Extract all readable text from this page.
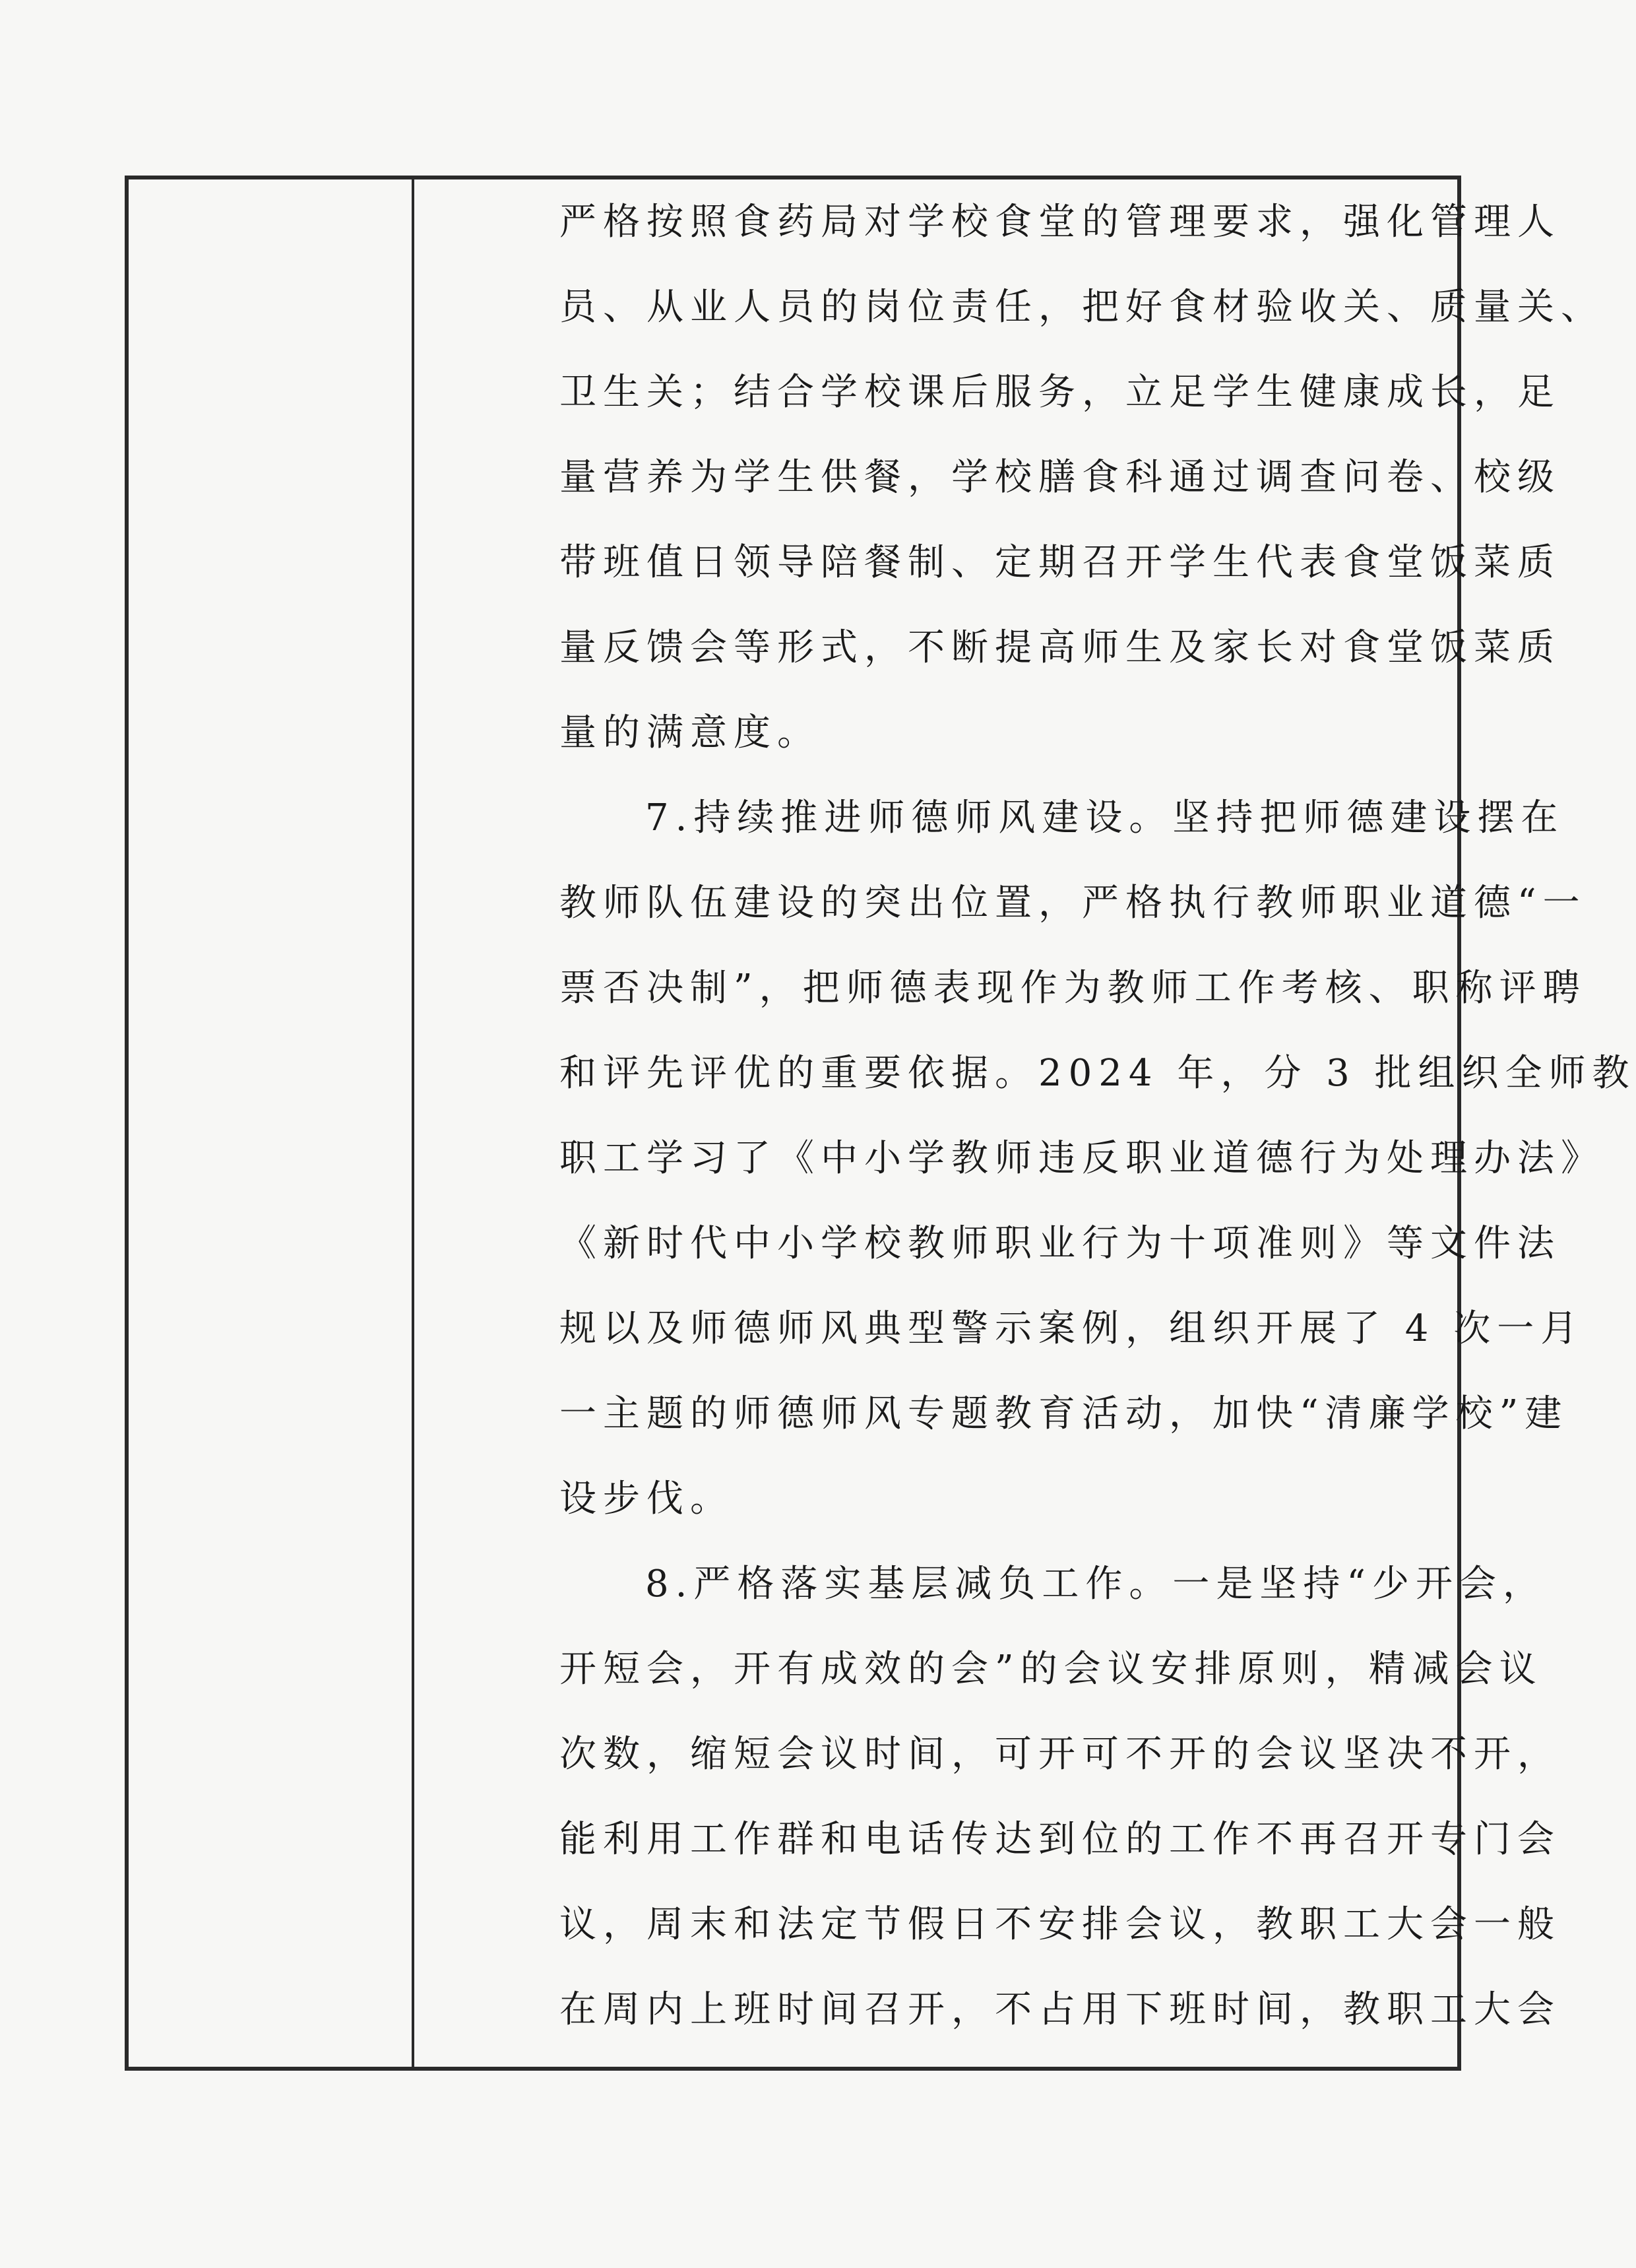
严格按照食药局对学校食堂的管理要求，强化管理人
员、从业人员的岗位责任，把好食材验收关、质量关、
卫生关；结合学校课后服务，立足学生健康成长，足
量营养为学生供餐，学校膳食科通过调查问卷、校级
带班值日领导陪餐制、定期召开学生代表食堂饭菜质
量反馈会等形式，不断提高师生及家长对食堂饭菜质
量的满意度。
7.持续推进师德师风建设。坚持把师德建设摆在
教师队伍建设的突出位置，严格执行教师职业道德“一
票否决制”，把师德表现作为教师工作考核、职称评聘
和评先评优的重要依据。2024 年，分 3 批组织全师教
职工学习了《中小学教师违反职业道德行为处理办法》
《新时代中小学校教师职业行为十项准则》等文件法
规以及师德师风典型警示案例，组织开展了 4 次一月
一主题的师德师风专题教育活动，加快“清廉学校”建
设步伐。
8.严格落实基层减负工作。一是坚持“少开会，
开短会，开有成效的会”的会议安排原则，精减会议
次数，缩短会议时间，可开可不开的会议坚决不开，
能利用工作群和电话传达到位的工作不再召开专门会
议，周末和法定节假日不安排会议，教职工大会一般
在周内上班时间召开，不占用下班时间，教职工大会
